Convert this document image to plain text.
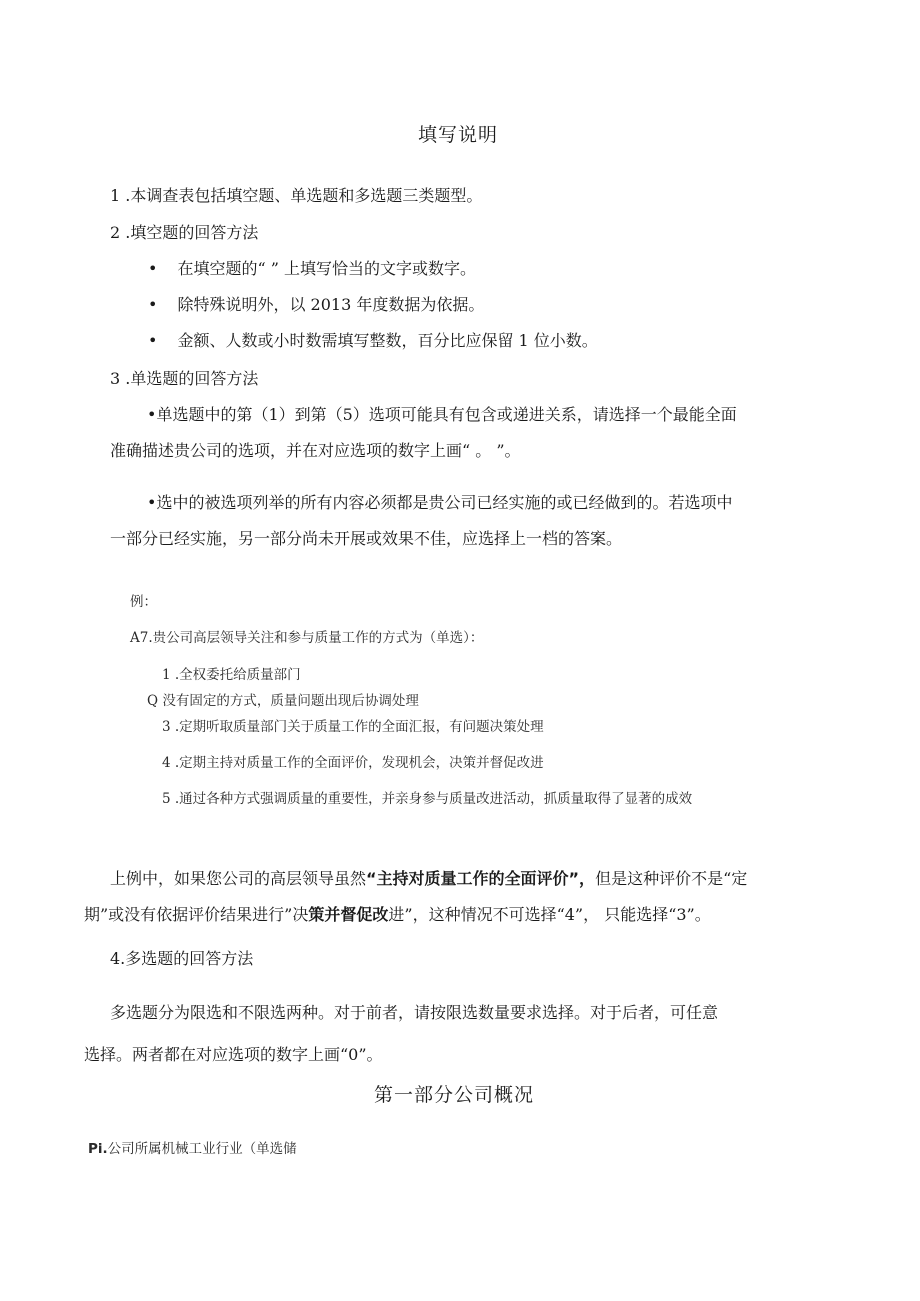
填写说明
1 .本调查表包括填空题、单选题和多选题三类题型。
2 .填空题的回答方法
• 在填空题的“ ” 上填写恰当的文字或数字。
• 除特殊说明外，以 2013 年度数据为依据。
• 金额、人数或小时数需填写整数，百分比应保留 1 位小数。
3 .单选题的回答方法
•单选题中的第（1）到第（5）选项可能具有包含或递进关系，请选择一个最能全面
准确描述贵公司的选项，并在对应选项的数字上画“ 。 ”。
•选中的被选项列举的所有内容必须都是贵公司已经实施的或已经做到的。若选项中
一部分已经实施，另一部分尚未开展或效果不佳，应选择上一档的答案。
例：
A7.贵公司高层领导关注和参与质量工作的方式为（单选）：
1 .全权委托给质量部门
Q 没有固定的方式，质量问题出现后协调处理
3 .定期听取质量部门关于质量工作的全面汇报，有问题决策处理
4 .定期主持对质量工作的全面评价，发现机会，决策并督促改进
5 .通过各种方式强调质量的重要性，并亲身参与质量改进活动，抓质量取得了显著的成效
上例中，如果您公司的高层领导虽然“主持对质量工作的全面评价”，但是这种评价不是“定
期”或没有依据评价结果进行”决策并督促改进”，这种情况不可选择“4”， 只能选择“3”。
4.多选题的回答方法
多选题分为限选和不限选两种。对于前者，请按限选数量要求选择。对于后者，可任意
选择。两者都在对应选项的数字上画“0”。
第一部分公司概况
Pi.公司所属机械工业行业（单选储
